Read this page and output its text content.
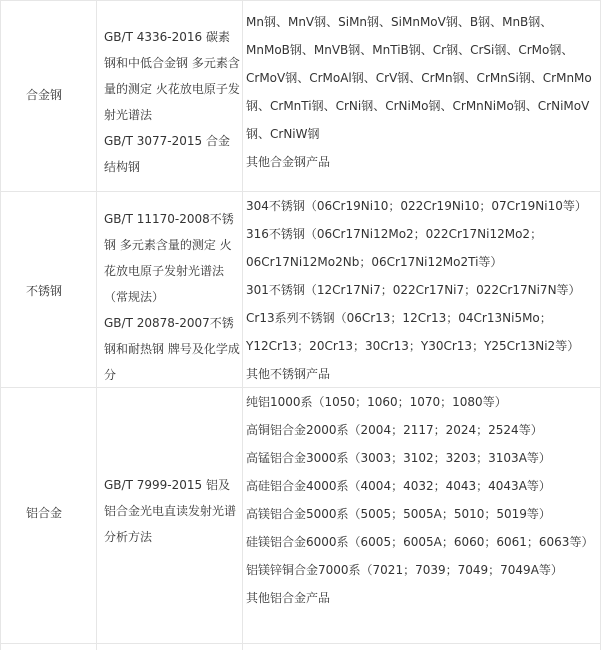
合金钢

GB/T 4336-2016 碳素钢和中低合金钢 多元素含量的测定 火花放电原子发射光谱法

GB/T 3077-2015 合金结构钢

Mn钢、MnV钢、SiMn钢、SiMnMoV钢、B钢、MnB钢、MnMoB钢、MnVB钢、MnTiB钢、Cr钢、CrSi钢、CrMo钢、CrMoV钢、CrMoAl钢、CrV钢、CrMn钢、CrMnSi钢、CrMnMo钢、CrMnTi钢、CrNi钢、CrNiMo钢、CrMnNiMo钢、CrNiMoV钢、CrNiW钢

其他合金钢产品

不锈钢

GB/T 11170-2008不锈钢 多元素含量的测定 火花放电原子发射光谱法（常规法）

GB/T 20878-2007不锈钢和耐热钢 牌号及化学成分

304不锈钢（06Cr19Ni10；022Cr19Ni10；07Cr19Ni10等）

316不锈钢（06Cr17Ni12Mo2；022Cr17Ni12Mo2；06Cr17Ni12Mo2Nb；06Cr17Ni12Mo2Ti等）

301不锈钢（12Cr17Ni7；022Cr17Ni7；022Cr17Ni7N等）

Cr13系列不锈钢（06Cr13；12Cr13；04Cr13Ni5Mo；Y12Cr13；20Cr13；30Cr13；Y30Cr13；Y25Cr13Ni2等）

其他不锈钢产品

铝合金

GB/T 7999-2015 铝及铝合金光电直读发射光谱分析方法

纯铝1000系（1050；1060；1070；1080等）

高铜铝合金2000系（2004；2117；2024；2524等）

高锰铝合金3000系（3003；3102；3203；3103A等）

高硅铝合金4000系（4004；4032；4043；4043A等）

高镁铝合金5000系（5005；5005A；5010；5019等）

硅镁铝合金6000系（6005；6005A；6060；6061；6063等）

铝镁锌铜合金7000系（7021；7039；7049；7049A等）

其他铝合金产品
